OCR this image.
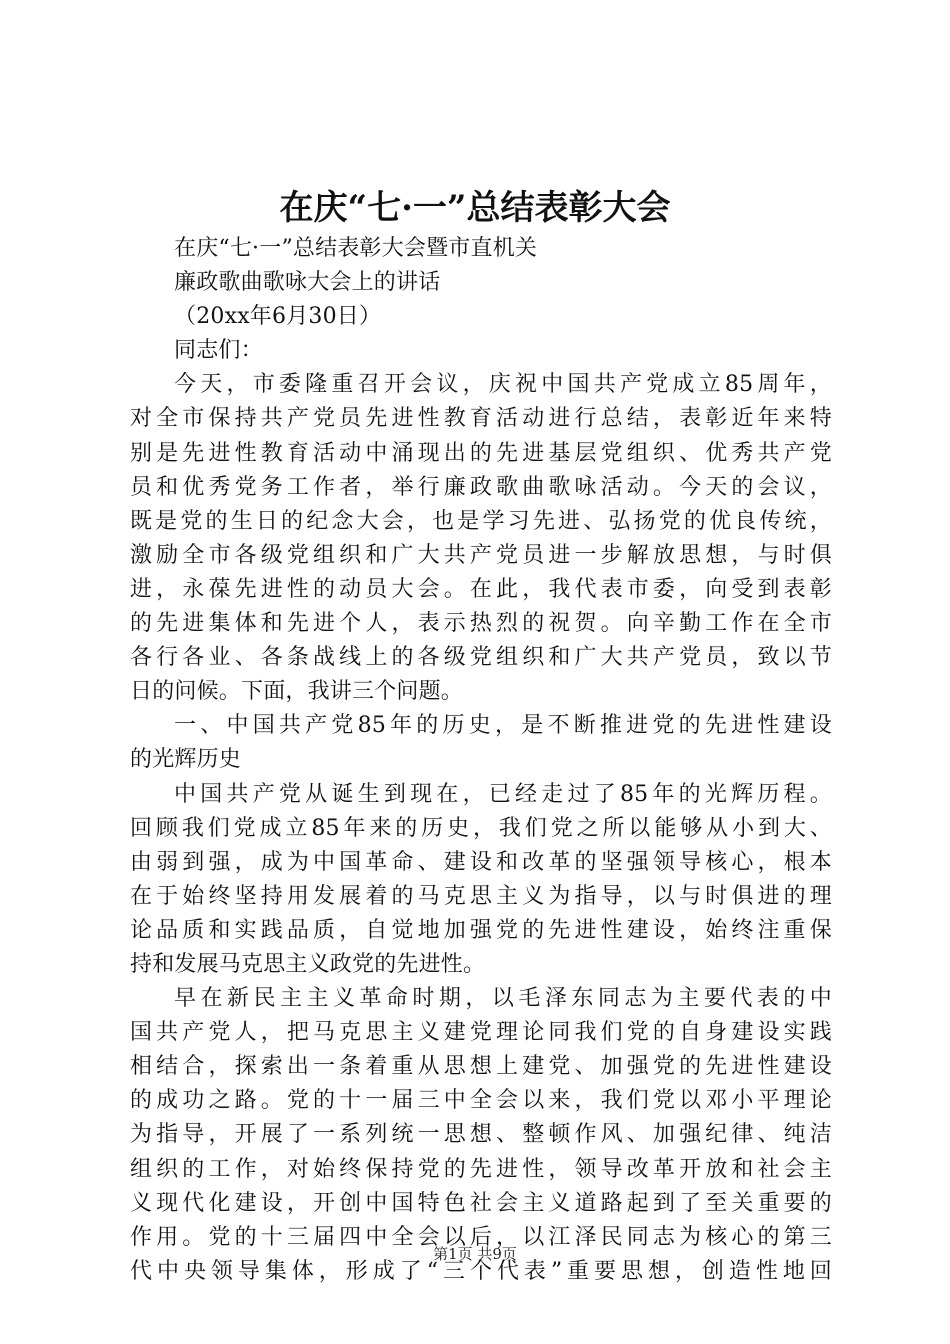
在庆“七·一”总结表彰大会
在庆“七·一”总结表彰大会暨市直机关
廉政歌曲歌咏大会上的讲话
（20xx年6月30日）
同志们：
今天，市委隆重召开会议，庆祝中国共产党成立85周年，
对全市保持共产党员先进性教育活动进行总结，表彰近年来特
别是先进性教育活动中涌现出的先进基层党组织、优秀共产党
员和优秀党务工作者，举行廉政歌曲歌咏活动。今天的会议，
既是党的生日的纪念大会，也是学习先进、弘扬党的优良传统，
激励全市各级党组织和广大共产党员进一步解放思想，与时俱
进，永葆先进性的动员大会。在此，我代表市委，向受到表彰
的先进集体和先进个人，表示热烈的祝贺。向辛勤工作在全市
各行各业、各条战线上的各级党组织和广大共产党员，致以节
日的问候。下面，我讲三个问题。
一、中国共产党85年的历史，是不断推进党的先进性建设
的光辉历史
中国共产党从诞生到现在，已经走过了85年的光辉历程。
回顾我们党成立85年来的历史，我们党之所以能够从小到大、
由弱到强，成为中国革命、建设和改革的坚强领导核心，根本
在于始终坚持用发展着的马克思主义为指导，以与时俱进的理
论品质和实践品质，自觉地加强党的先进性建设，始终注重保
持和发展马克思主义政党的先进性。
早在新民主主义革命时期，以毛泽东同志为主要代表的中
国共产党人，把马克思主义建党理论同我们党的自身建设实践
相结合，探索出一条着重从思想上建党、加强党的先进性建设
的成功之路。党的十一届三中全会以来，我们党以邓小平理论
为指导，开展了一系列统一思想、整顿作风、加强纪律、纯洁
组织的工作，对始终保持党的先进性，领导改革开放和社会主
义现代化建设，开创中国特色社会主义道路起到了至关重要的
作用。党的十三届四中全会以后，以江泽民同志为核心的第三
代中央领导集体，形成了“三个代表”重要思想，创造性地回
第1页 共9页
